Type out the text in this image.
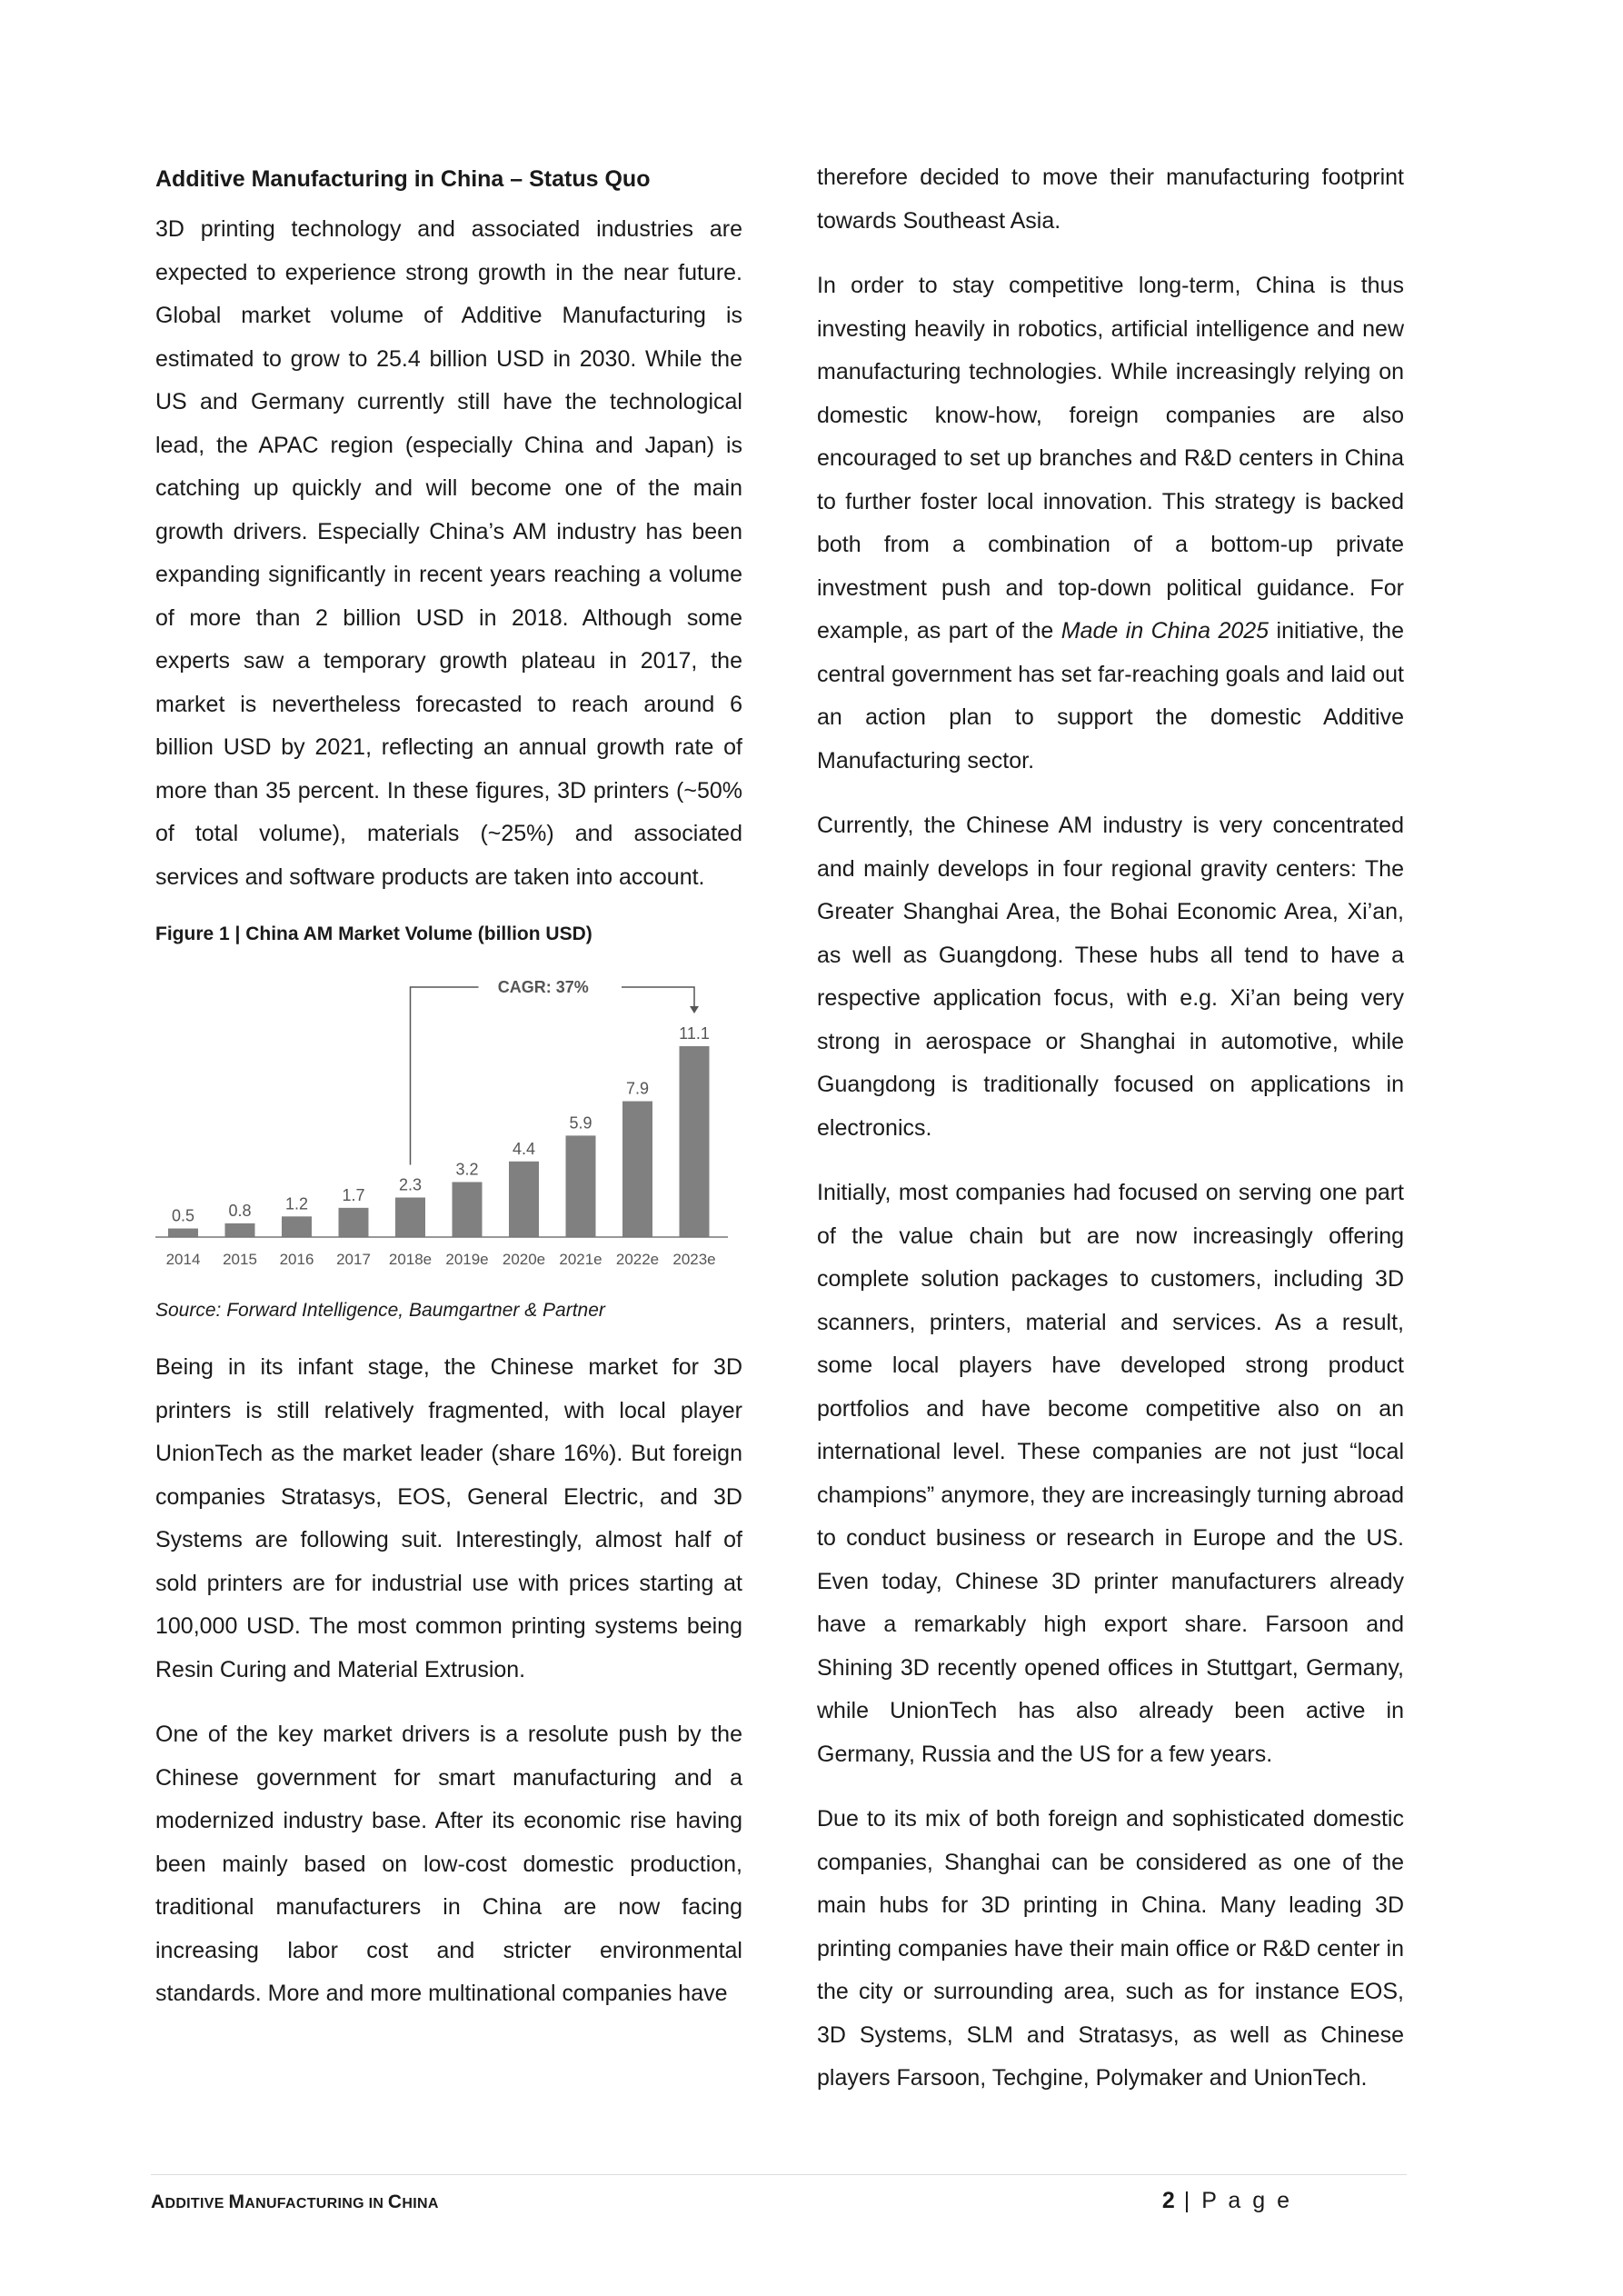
Additive Manufacturing in China – Status Quo

3D printing technology and associated industries are expected to experience strong growth in the near future. Global market volume of Additive Manufacturing is estimated to grow to 25.4 billion USD in 2030. While the US and Germany currently still have the technological lead, the APAC region (especially China and Japan) is catching up quickly and will become one of the main growth drivers. Especially China’s AM industry has been expanding significantly in recent years reaching a volume of more than 2 billion USD in 2018. Although some experts saw a temporary growth plateau in 2017, the market is nevertheless forecasted to reach around 6 billion USD by 2021, reflecting an annual growth rate of more than 35 percent. In these figures, 3D printers (~50% of total volume), materials (~25%) and associated services and software products are taken into account.

Figure 1 | China AM Market Volume (billion USD)
0.5
2014
0.8
2015
1.2
2016
1.7
2017
2.3
2018e
3.2
2019e
4.4
2020e
5.9
2021e
7.9
2022e
11.1
2023e
CAGR: 37%
Source: Forward Intelligence, Baumgartner & Partner

Being in its infant stage, the Chinese market for 3D printers is still relatively fragmented, with local player UnionTech as the market leader (share 16%). But foreign companies Stratasys, EOS, General Electric, and 3D Systems are following suit. Interestingly, almost half of sold printers are for industrial use with prices starting at 100,000 USD. The most common printing systems being Resin Curing and Material Extrusion.

One of the key market drivers is a resolute push by the Chinese government for smart manufacturing and a modernized industry base. After its economic rise having been mainly based on low-cost domestic production, traditional manufacturers in China are now facing increasing labor cost and stricter environmental standards. More and more multinational companies have

therefore decided to move their manufacturing footprint towards Southeast Asia.

In order to stay competitive long-term, China is thus investing heavily in robotics, artificial intelligence and new manufacturing technologies. While increasingly relying on domestic know-how, foreign companies are also encouraged to set up branches and R&D centers in China to further foster local innovation. This strategy is backed both from a combination of a bottom-up private investment push and top-down political guidance. For example, as part of the Made in China 2025 initiative, the central government has set far-reaching goals and laid out an action plan to support the domestic Additive Manufacturing sector.

Currently, the Chinese AM industry is very concentrated and mainly develops in four regional gravity centers: The Greater Shanghai Area, the Bohai Economic Area, Xi’an, as well as Guangdong. These hubs all tend to have a respective application focus, with e.g. Xi’an being very strong in aerospace or Shanghai in automotive, while Guangdong is traditionally focused on applications in electronics.

Initially, most companies had focused on serving one part of the value chain but are now increasingly offering complete solution packages to customers, including 3D scanners, printers, material and services. As a result, some local players have developed strong product portfolios and have become competitive also on an international level. These companies are not just “local champions” anymore, they are increasingly turning abroad to conduct business or research in Europe and the US. Even today, Chinese 3D printer manufacturers already have a remarkably high export share. Farsoon and Shining 3D recently opened offices in Stuttgart, Germany, while UnionTech has also already been active in Germany, Russia and the US for a few years.

Due to its mix of both foreign and sophisticated domestic companies, Shanghai can be considered as one of the main hubs for 3D printing in China. Many leading 3D printing companies have their main office or R&D center in the city or surrounding area, such as for instance EOS, 3D Systems, SLM and Stratasys, as well as Chinese players Farsoon, Techgine, Polymaker and UnionTech.

ADDITIVE MANUFACTURING IN CHINA	2 | P a g e
